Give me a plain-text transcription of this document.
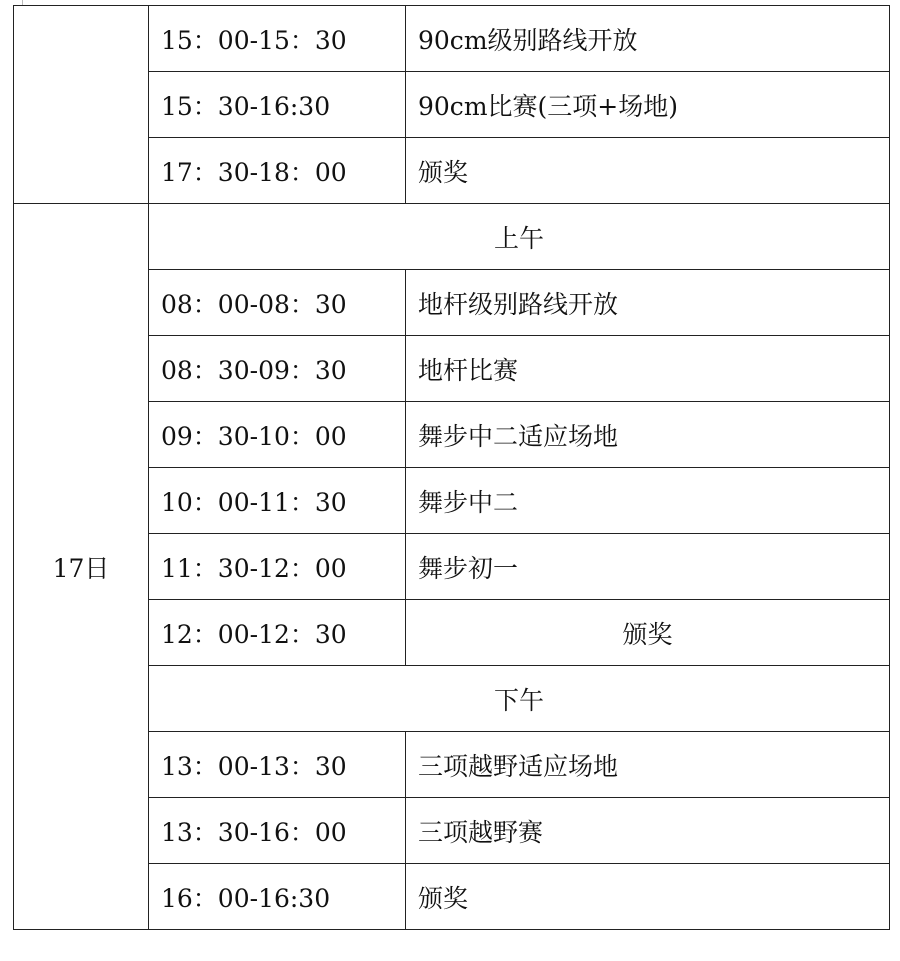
	15：00-15：30	90cm级别路线开放
	15：30-16:30	90cm比赛(三项+场地)
	17：30-18：00	颁奖
17日	上午	
	08：00-08：30	地杆级别路线开放
	08：30-09：30	地杆比赛
	09：30-10：00	舞步中二适应场地
	10：00-11：30	舞步中二
	11：30-12：00	舞步初一
	12：00-12：30	颁奖
	下午	
	13：00-13：30	三项越野适应场地
	13：30-16：00	三项越野赛
	16：00-16:30	颁奖
